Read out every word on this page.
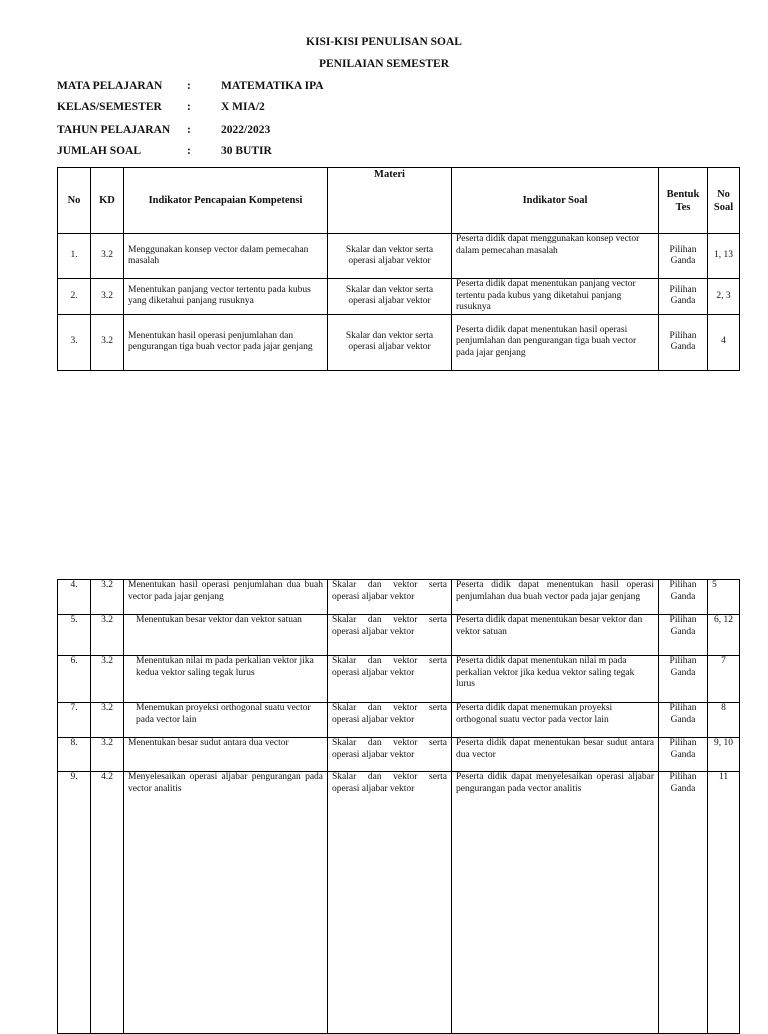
KISI-KISI PENULISAN SOAL
PENILAIAN SEMESTER
MATA PELAJARAN :	MATEMATIKA IPA
KELAS/SEMESTER :	X MIA/2
TAHUN PELAJARAN :	2022/2023
JUMLAH SOAL	:	30 BUTIR
No	KD	Indikator Pencapaian Kompetensi	Materi	Indikator Soal	Bentuk Tes	No Soal
1.	3.2	Menggunakan konsep vector dalam pemecahan masalah	Skalar dan vektor serta operasi aljabar vektor	Peserta didik dapat menggunakan konsep vector dalam pemecahan masalah	Pilihan Ganda	1, 13
2.	3.2	Menentukan panjang vector tertentu pada kubus yang diketahui panjang rusuknya	Skalar dan vektor serta operasi aljabar vektor	Peserta didik dapat menentukan panjang vector tertentu pada kubus yang diketahui panjang rusuknya	Pilihan Ganda	2, 3
3.	3.2	Menentukan hasil operasi penjumlahan dan pengurangan tiga buah vector pada jajar genjang	Skalar dan vektor serta operasi aljabar vektor	Peserta didik dapat menentukan hasil operasi penjumlahan dan pengurangan tiga buah vector pada jajar genjang	Pilihan Ganda	4
4.	3.2	Menentukan hasil operasi penjumlahan dua buah vector pada jajar genjang	Skalar dan vektor serta operasi aljabar vektor	Peserta didik dapat menentukan hasil operasi penjumlahan dua buah vector pada jajar genjang	Pilihan Ganda	5
5.	3.2	Menentukan besar vektor dan vektor satuan	Skalar dan vektor serta operasi aljabar vektor	Peserta didik dapat menentukan besar vektor dan vektor satuan	Pilihan Ganda	6, 12
6.	3.2	Menentukan nilai m pada perkalian vektor jika kedua vektor saling tegak lurus	Skalar dan vektor serta operasi aljabar vektor	Peserta didik dapat menentukan nilai m pada perkalian vektor jika kedua vektor saling tegak lurus	Pilihan Ganda	7
7.	3.2	Menemukan proyeksi orthogonal suatu vector pada vector lain	Skalar dan vektor serta operasi aljabar vektor	Peserta didik dapat menemukan proyeksi orthogonal suatu vector pada vector lain	Pilihan Ganda	8
8.	3.2	Menentukan besar sudut antara dua vector	Skalar dan vektor serta operasi aljabar vektor	Peserta didik dapat menentukan besar sudut antara dua vector	Pilihan Ganda	9, 10
9.	4.2	Menyelesaikan operasi aljabar pengurangan pada vector analitis	Skalar dan vektor serta operasi aljabar vektor	Peserta didik dapat menyelesaikan operasi aljabar pengurangan pada vector analitis	Pilihan Ganda	11
